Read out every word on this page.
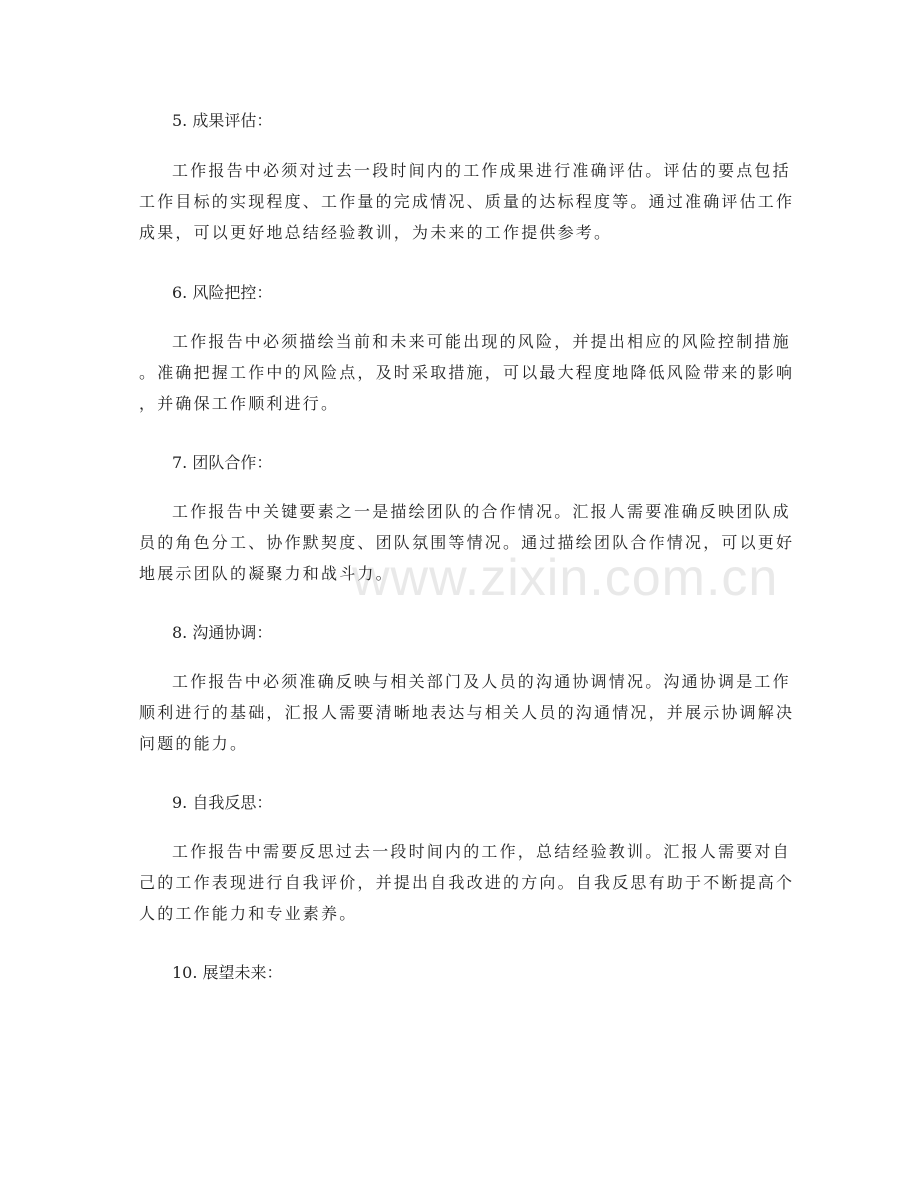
www.zixin.com.cn
5. 成果评估：

工作报告中必须对过去一段时间内的工作成果进行准确评估。评估的要点包括
工作目标的实现程度、工作量的完成情况、质量的达标程度等。通过准确评估工作
成果，可以更好地总结经验教训，为未来的工作提供参考。

6. 风险把控：

工作报告中必须描绘当前和未来可能出现的风险，并提出相应的风险控制措施
。准确把握工作中的风险点，及时采取措施，可以最大程度地降低风险带来的影响
，并确保工作顺利进行。

7. 团队合作：

工作报告中关键要素之一是描绘团队的合作情况。汇报人需要准确反映团队成
员的角色分工、协作默契度、团队氛围等情况。通过描绘团队合作情况，可以更好
地展示团队的凝聚力和战斗力。

8. 沟通协调：

工作报告中必须准确反映与相关部门及人员的沟通协调情况。沟通协调是工作
顺利进行的基础，汇报人需要清晰地表达与相关人员的沟通情况，并展示协调解决
问题的能力。

9. 自我反思：

工作报告中需要反思过去一段时间内的工作，总结经验教训。汇报人需要对自
己的工作表现进行自我评价，并提出自我改进的方向。自我反思有助于不断提高个
人的工作能力和专业素养。

10. 展望未来：
